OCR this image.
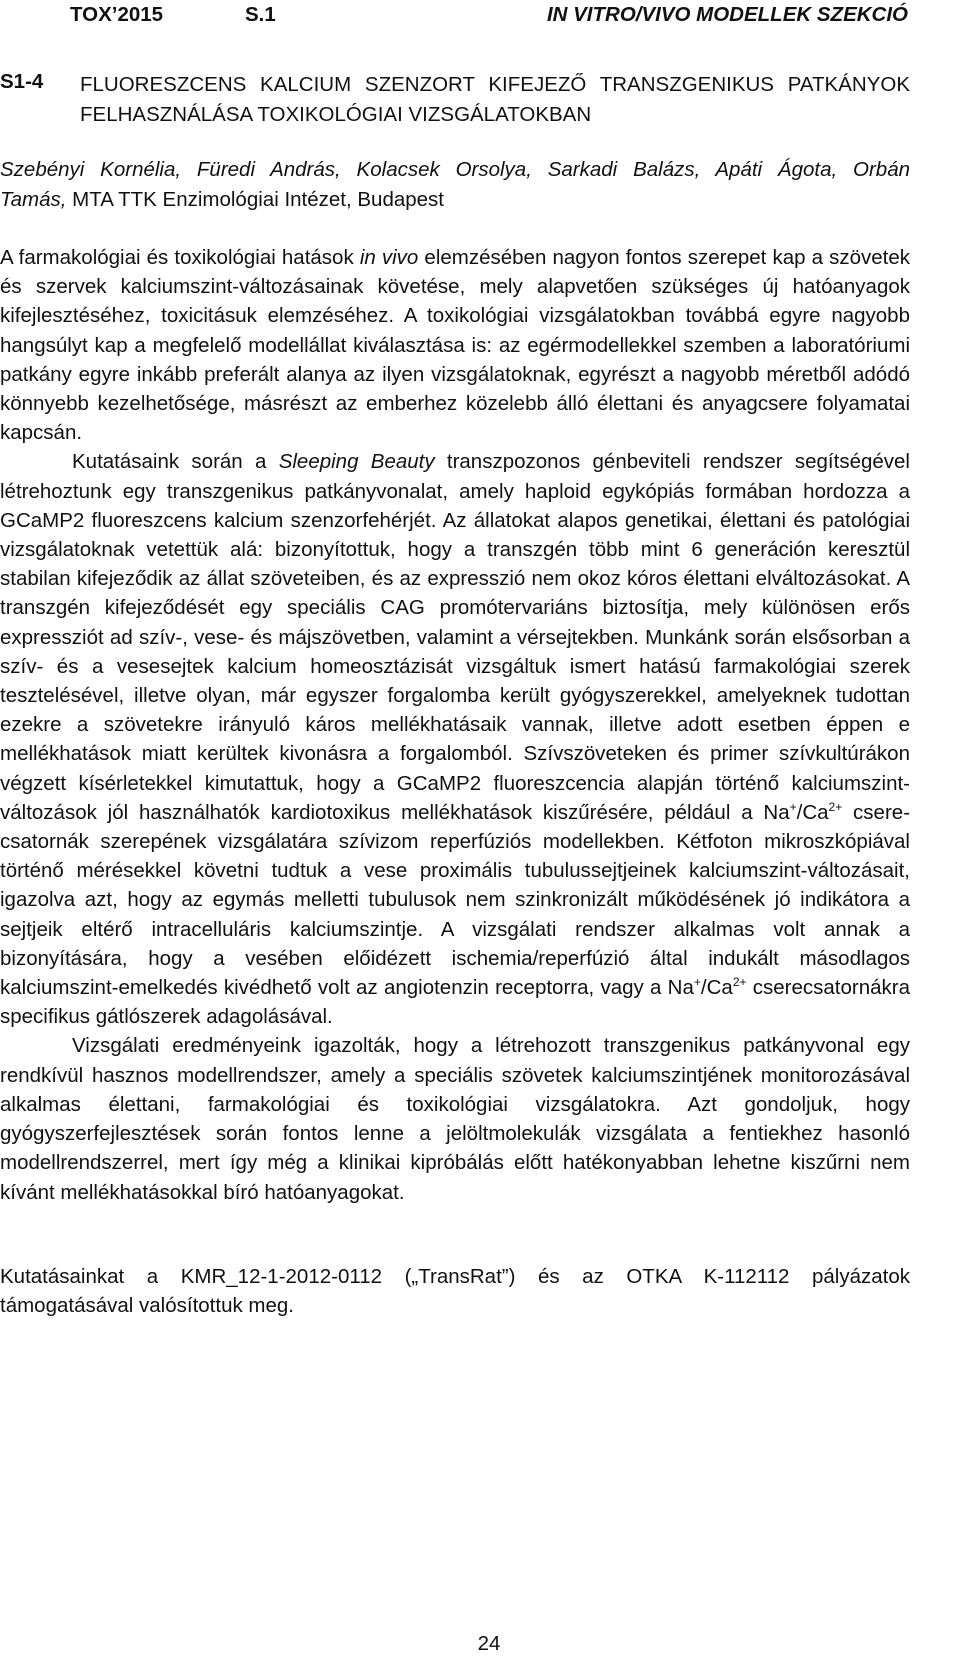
TOX’2015	S.1	IN VITRO/VIVO MODELLEK SZEKCIÓ
S1-4 FLUORESZCENS KALCIUM SZENZORT KIFEJEZŐ TRANSZGENIKUS PATKÁNYOK
FELHASZNÁLÁSA TOXIKOLÓGIAI VIZSGÁLATOKBAN
Szebényi Kornélia, Füredi András, Kolacsek Orsolya, Sarkadi Balázs, Apáti Ágota, Orbán
Tamás, MTA TTK Enzimológiai Intézet, Budapest

A farmakológiai és toxikológiai hatások in vivo elemzésében nagyon fontos szerepet kap a szövetek és szervek kalciumszint-változásainak követése, mely alapvetően szükséges új hatóanyagok kifejlesztéséhez, toxicitásuk elemzéséhez. A toxikológiai vizsgálatokban továbbá egyre nagyobb hangsúlyt kap a megfelelő modellállat kiválasztása is: az egérmodellekkel szemben a laboratóriumi patkány egyre inkább preferált alanya az ilyen vizsgálatoknak, egyrészt a nagyobb méretből adódó könnyebb kezelhetősége, másrészt az emberhez közelebb álló élettani és anyagcsere folyamatai kapcsán.

Kutatásaink során a Sleeping Beauty transzpozonos génbeviteli rendszer segítségével létrehoztunk egy transzgenikus patkányvonalat, amely haploid egykópiás formában hordozza a GCaMP2 fluoreszcens kalcium szenzorfehérjét. Az állatokat alapos genetikai, élettani és patológiai vizsgálatoknak vetettük alá: bizonyítottuk, hogy a transzgén több mint 6 generáción keresztül stabilan kifejeződik az állat szöveteiben, és az expresszió nem okoz kóros élettani elváltozásokat. A transzgén kifejeződését egy speciális CAG promótervariáns biztosítja, mely különösen erős expressziót ad szív-, vese- és májszövetben, valamint a vérsejtekben. Munkánk során elsősorban a szív- és a vesesejtek kalcium homeosztázisát vizsgáltuk ismert hatású farmakológiai szerek tesztelésével, illetve olyan, már egyszer forgalomba került gyógyszerekkel, amelyeknek tudottan ezekre a szövetekre irányuló káros mellékhatásaik vannak, illetve adott esetben éppen e mellékhatások miatt kerültek kivonásra a forgalomból. Szívszöveteken és primer szívkultúrákon végzett kísérletekkel kimutattuk, hogy a GCaMP2 fluoreszcencia alapján történő kalciumszint-változások jól használhatók kardiotoxikus mellékhatások kiszűrésére, például a $Na^+/Ca^{2+}$ cserecsatornák szerepének vizsgálatára szívizom reperfúziós modellekben. Kétfoton mikroszkópiával történő mérésekkel követni tudtuk a vese proximális tubulussejtjeinek kalciumszint-változásait, igazolva azt, hogy az egymás melletti tubulusok nem szinkronizált működésének jó indikátora a sejtjeik eltérő intracelluláris kalciumszintje. A vizsgálati rendszer alkalmas volt annak a bizonyítására, hogy a vesében előidézett ischemia/reperfúzió által indukált másodlagos kalciumszint-emelkedés kivédhető volt az angiotenzin receptorra, vagy a $Na^+/Ca^{2+}$ cserecsatornákra specifikus gátlószerek adagolásával.

Vizsgálati eredményeink igazolták, hogy a létrehozott transzgenikus patkányvonal egy rendkívül hasznos modellrendszer, amely a speciális szövetek kalciumszintjének monitorozásával alkalmas élettani, farmakológiai és toxikológiai vizsgálatokra. Azt gondoljuk, hogy gyógyszerfejlesztések során fontos lenne a jelöltmolekulák vizsgálata a fentiekhez hasonló modellrendszerrel, mert így még a klinikai kipróbálás előtt hatékonyabban lehetne kiszűrni nem kívánt mellékhatásokkal bíró hatóanyagokat.

Kutatásainkat a KMR_12-1-2012-0112 („TransRat”) és az OTKA K-112112 pályázatok támogatásával valósítottuk meg.
24
